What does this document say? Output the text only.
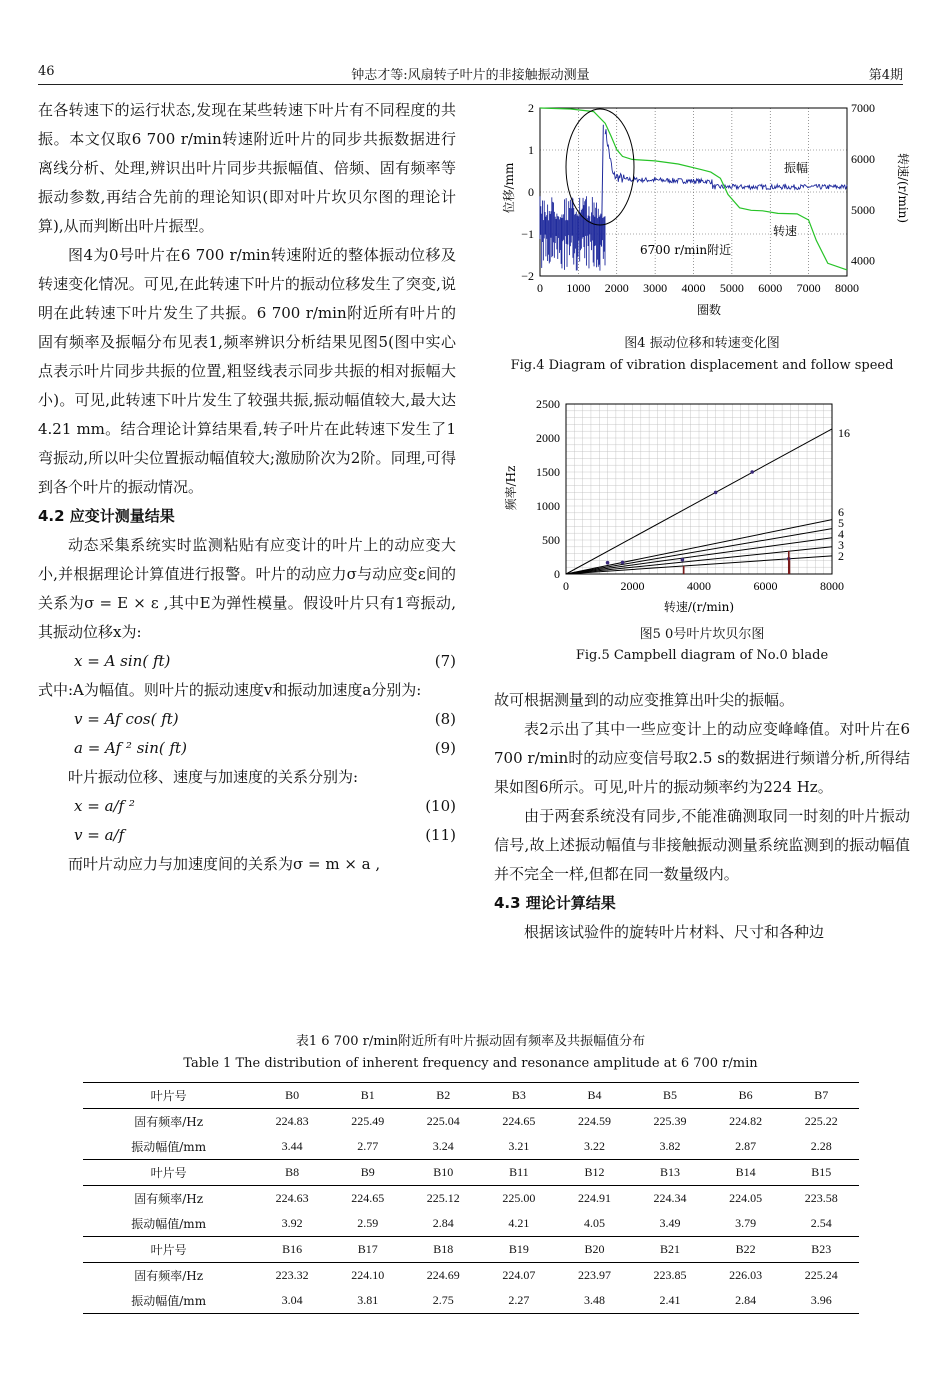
46	钟志才等:风扇转子叶片的非接触振动测量	第4期

在各转速下的运行状态,发现在某些转速下叶片有不同程度的共振。本文仅取6 700 r/min转速附近叶片的同步共振数据进行离线分析、处理,辨识出叶片同步共振幅值、倍频、固有频率等振动参数,再结合先前的理论知识(即对叶片坎贝尔图的理论计算),从而判断出叶片振型。

图4为0号叶片在6 700 r/min转速附近的整体振动位移及转速变化情况。可见,在此转速下叶片的振动位移发生了突变,说明在此转速下叶片发生了共振。6 700 r/min附近所有叶片的固有频率及振幅分布见表1,频率辨识分析结果见图5(图中实心点表示叶片同步共振的位置,粗竖线表示同步共振的相对振幅大小)。可见,此转速下叶片发生了较强共振,振动幅值较大,最大达4.21 mm。结合理论计算结果看,转子叶片在此转速下发生了1弯振动,所以叶尖位置振动幅值较大;激励阶次为2阶。同理,可得到各个叶片的振动情况。

4.2 应变计测量结果

动态采集系统实时监测粘贴有应变计的叶片上的动应变大小,并根据理论计算值进行报警。叶片的动应力σ与动应变ε间的关系为σ = E × ε ,其中E为弹性模量。假设叶片只有1弯振动,其振动位移x为:

x = A sin( ft)	(7)

式中:A为幅值。则叶片的振动速度v和振动加速度a分别为:

v = Af cos( ft)	(8)

a = Af ² sin( ft)	(9)

叶片振动位移、速度与加速度的关系分别为:

x = a/f ²	(10)

v = a/f	(11)

而叶片动应力与加速度间的关系为σ = m × a ,

0 1000 2000 3000 4000 5000 6000 7000 8000
2
1
0
−1
−2
7000
6000
5000
4000
振幅
转速
6700 r/min附近
圈数
位移/mm	转速/(r/min)
图4 振动位移和转速变化图
Fig.4 Diagram of vibration displacement and follow speed
0	2000	4000	6000	8000
2500
2000
1500
1000
500
0
2
3
4
5
6
16
转速/(r/min)
频率/Hz
图5 0号叶片坎贝尔图
Fig.5 Campbell diagram of No.0 blade

故可根据测量到的动应变推算出叶尖的振幅。

表2示出了其中一些应变计上的动应变峰峰值。对叶片在6 700 r/min时的动应变信号取2.5 s的数据进行频谱分析,所得结果如图6所示。可见,叶片的振动频率约为224 Hz。

由于两套系统没有同步,不能准确测取同一时刻的叶片振动信号,故上述振动幅值与非接触振动测量系统监测到的振动幅值并不完全一样,但都在同一数量级内。

4.3 理论计算结果

根据该试验件的旋转叶片材料、尺寸和各种边

表1 6 700 r/min附近所有叶片振动固有频率及共振幅值分布
Table 1 The distribution of inherent frequency and resonance amplitude at 6 700 r/min
叶片号	B0	B1	B2	B3	B4	B5	B6	B7
固有频率/Hz	224.83	225.49	225.04	224.65	224.59	225.39	224.82	225.22
振动幅值/mm	3.44	2.77	3.24	3.21	3.22	3.82	2.87	2.28
叶片号	B8	B9	B10	B11	B12	B13	B14	B15
固有频率/Hz	224.63	224.65	225.12	225.00	224.91	224.34	224.05	223.58
振动幅值/mm	3.92	2.59	2.84	4.21	4.05	3.49	3.79	2.54
叶片号	B16	B17	B18	B19	B20	B21	B22	B23
固有频率/Hz	223.32	224.10	224.69	224.07	223.97	223.85	226.03	225.24
振动幅值/mm	3.04	3.81	2.75	2.27	3.48	2.41	2.84	3.96
